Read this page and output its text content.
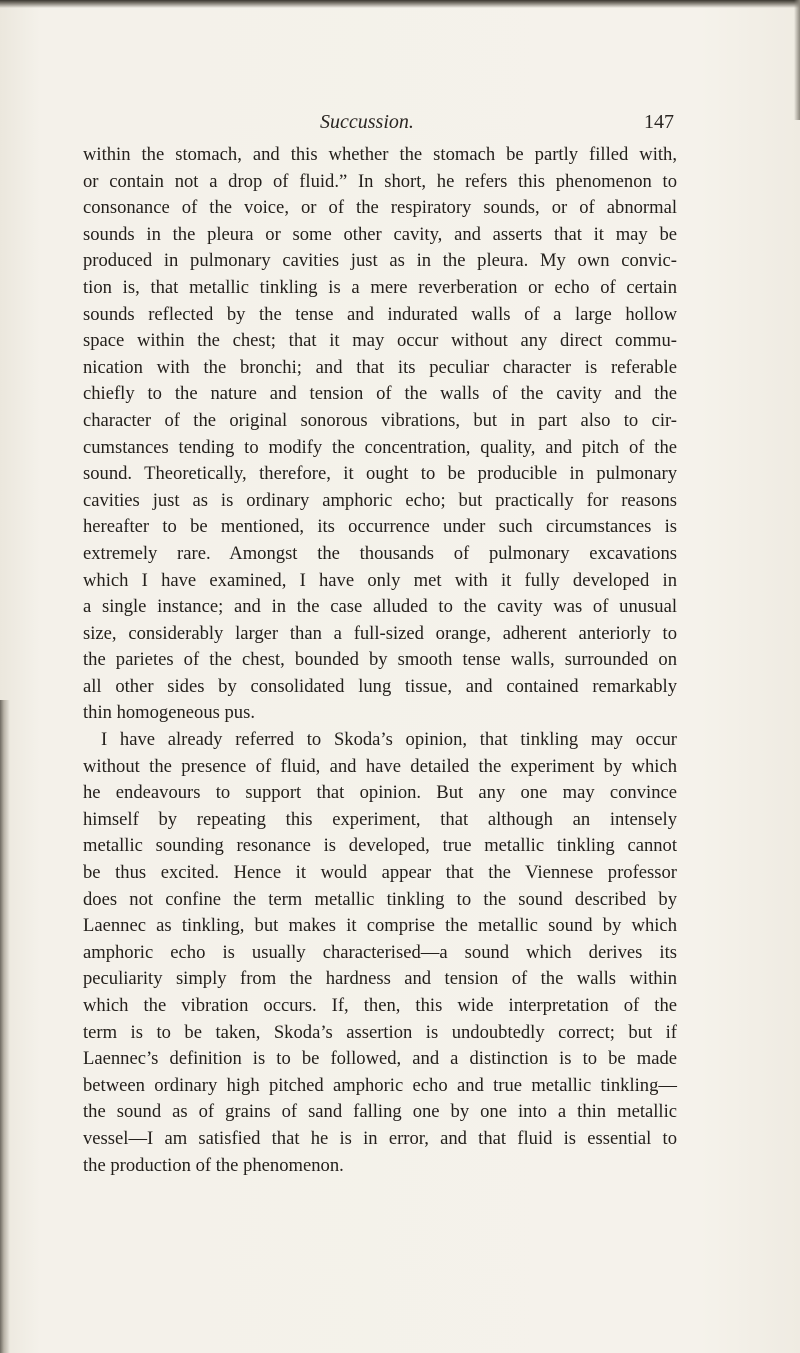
Succussion.	147
within the stomach, and this whether the stomach be partly filled with,
or contain not a drop of fluid.” In short, he refers this phenomenon to
consonance of the voice, or of the respiratory sounds, or of abnormal
sounds in the pleura or some other cavity, and asserts that it may be
produced in pulmonary cavities just as in the pleura. My own convic-
tion is, that metallic tinkling is a mere reverberation or echo of certain
sounds reflected by the tense and indurated walls of a large hollow
space within the chest; that it may occur without any direct commu-
nication with the bronchi; and that its peculiar character is referable
chiefly to the nature and tension of the walls of the cavity and the
character of the original sonorous vibrations, but in part also to cir-
cumstances tending to modify the concentration, quality, and pitch of the
sound. Theoretically, therefore, it ought to be producible in pulmonary
cavities just as is ordinary amphoric echo; but practically for reasons
hereafter to be mentioned, its occurrence under such circumstances is
extremely rare. Amongst the thousands of pulmonary excavations
which I have examined, I have only met with it fully developed in
a single instance; and in the case alluded to the cavity was of unusual
size, considerably larger than a full-sized orange, adherent anteriorly to
the parietes of the chest, bounded by smooth tense walls, surrounded on
all other sides by consolidated lung tissue, and contained remarkably
thin homogeneous pus.
I have already referred to Skoda’s opinion, that tinkling may occur
without the presence of fluid, and have detailed the experiment by which
he endeavours to support that opinion. But any one may convince
himself by repeating this experiment, that although an intensely
metallic sounding resonance is developed, true metallic tinkling cannot
be thus excited. Hence it would appear that the Viennese professor
does not confine the term metallic tinkling to the sound described by
Laennec as tinkling, but makes it comprise the metallic sound by which
amphoric echo is usually characterised—a sound which derives its
peculiarity simply from the hardness and tension of the walls within
which the vibration occurs. If, then, this wide interpretation of the
term is to be taken, Skoda’s assertion is undoubtedly correct; but if
Laennec’s definition is to be followed, and a distinction is to be made
between ordinary high pitched amphoric echo and true metallic tinkling—
the sound as of grains of sand falling one by one into a thin metallic
vessel—I am satisfied that he is in error, and that fluid is essential to
the production of the phenomenon.
